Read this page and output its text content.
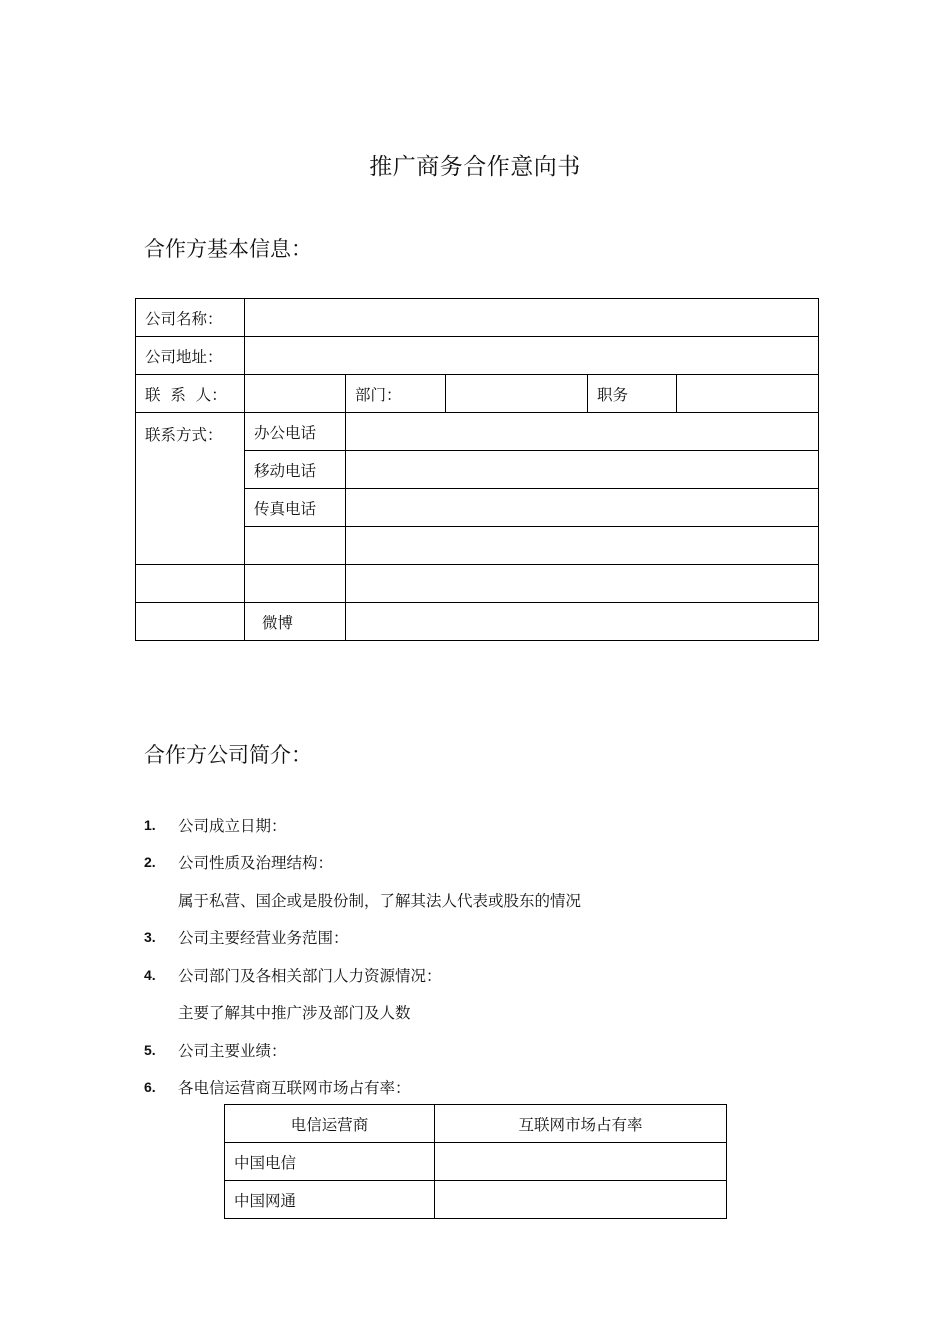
推广商务合作意向书
合作方基本信息：
公司名称：					
公司地址：					
联  系  人：		部门：		职务	
联系方式：	办公电话				
	移动电话				
	传真电话				

	微博				
合作方公司简介：
1.	公司成立日期：
2.	公司性质及治理结构：
属于私营、国企或是股份制，了解其法人代表或股东的情况
3.	公司主要经营业务范围：
4.	公司部门及各相关部门人力资源情况：
主要了解其中推广涉及部门及人数
5.	公司主要业绩：
6.	各电信运营商互联网市场占有率：
电信运营商	互联网市场占有率
中国电信	
中国网通	
